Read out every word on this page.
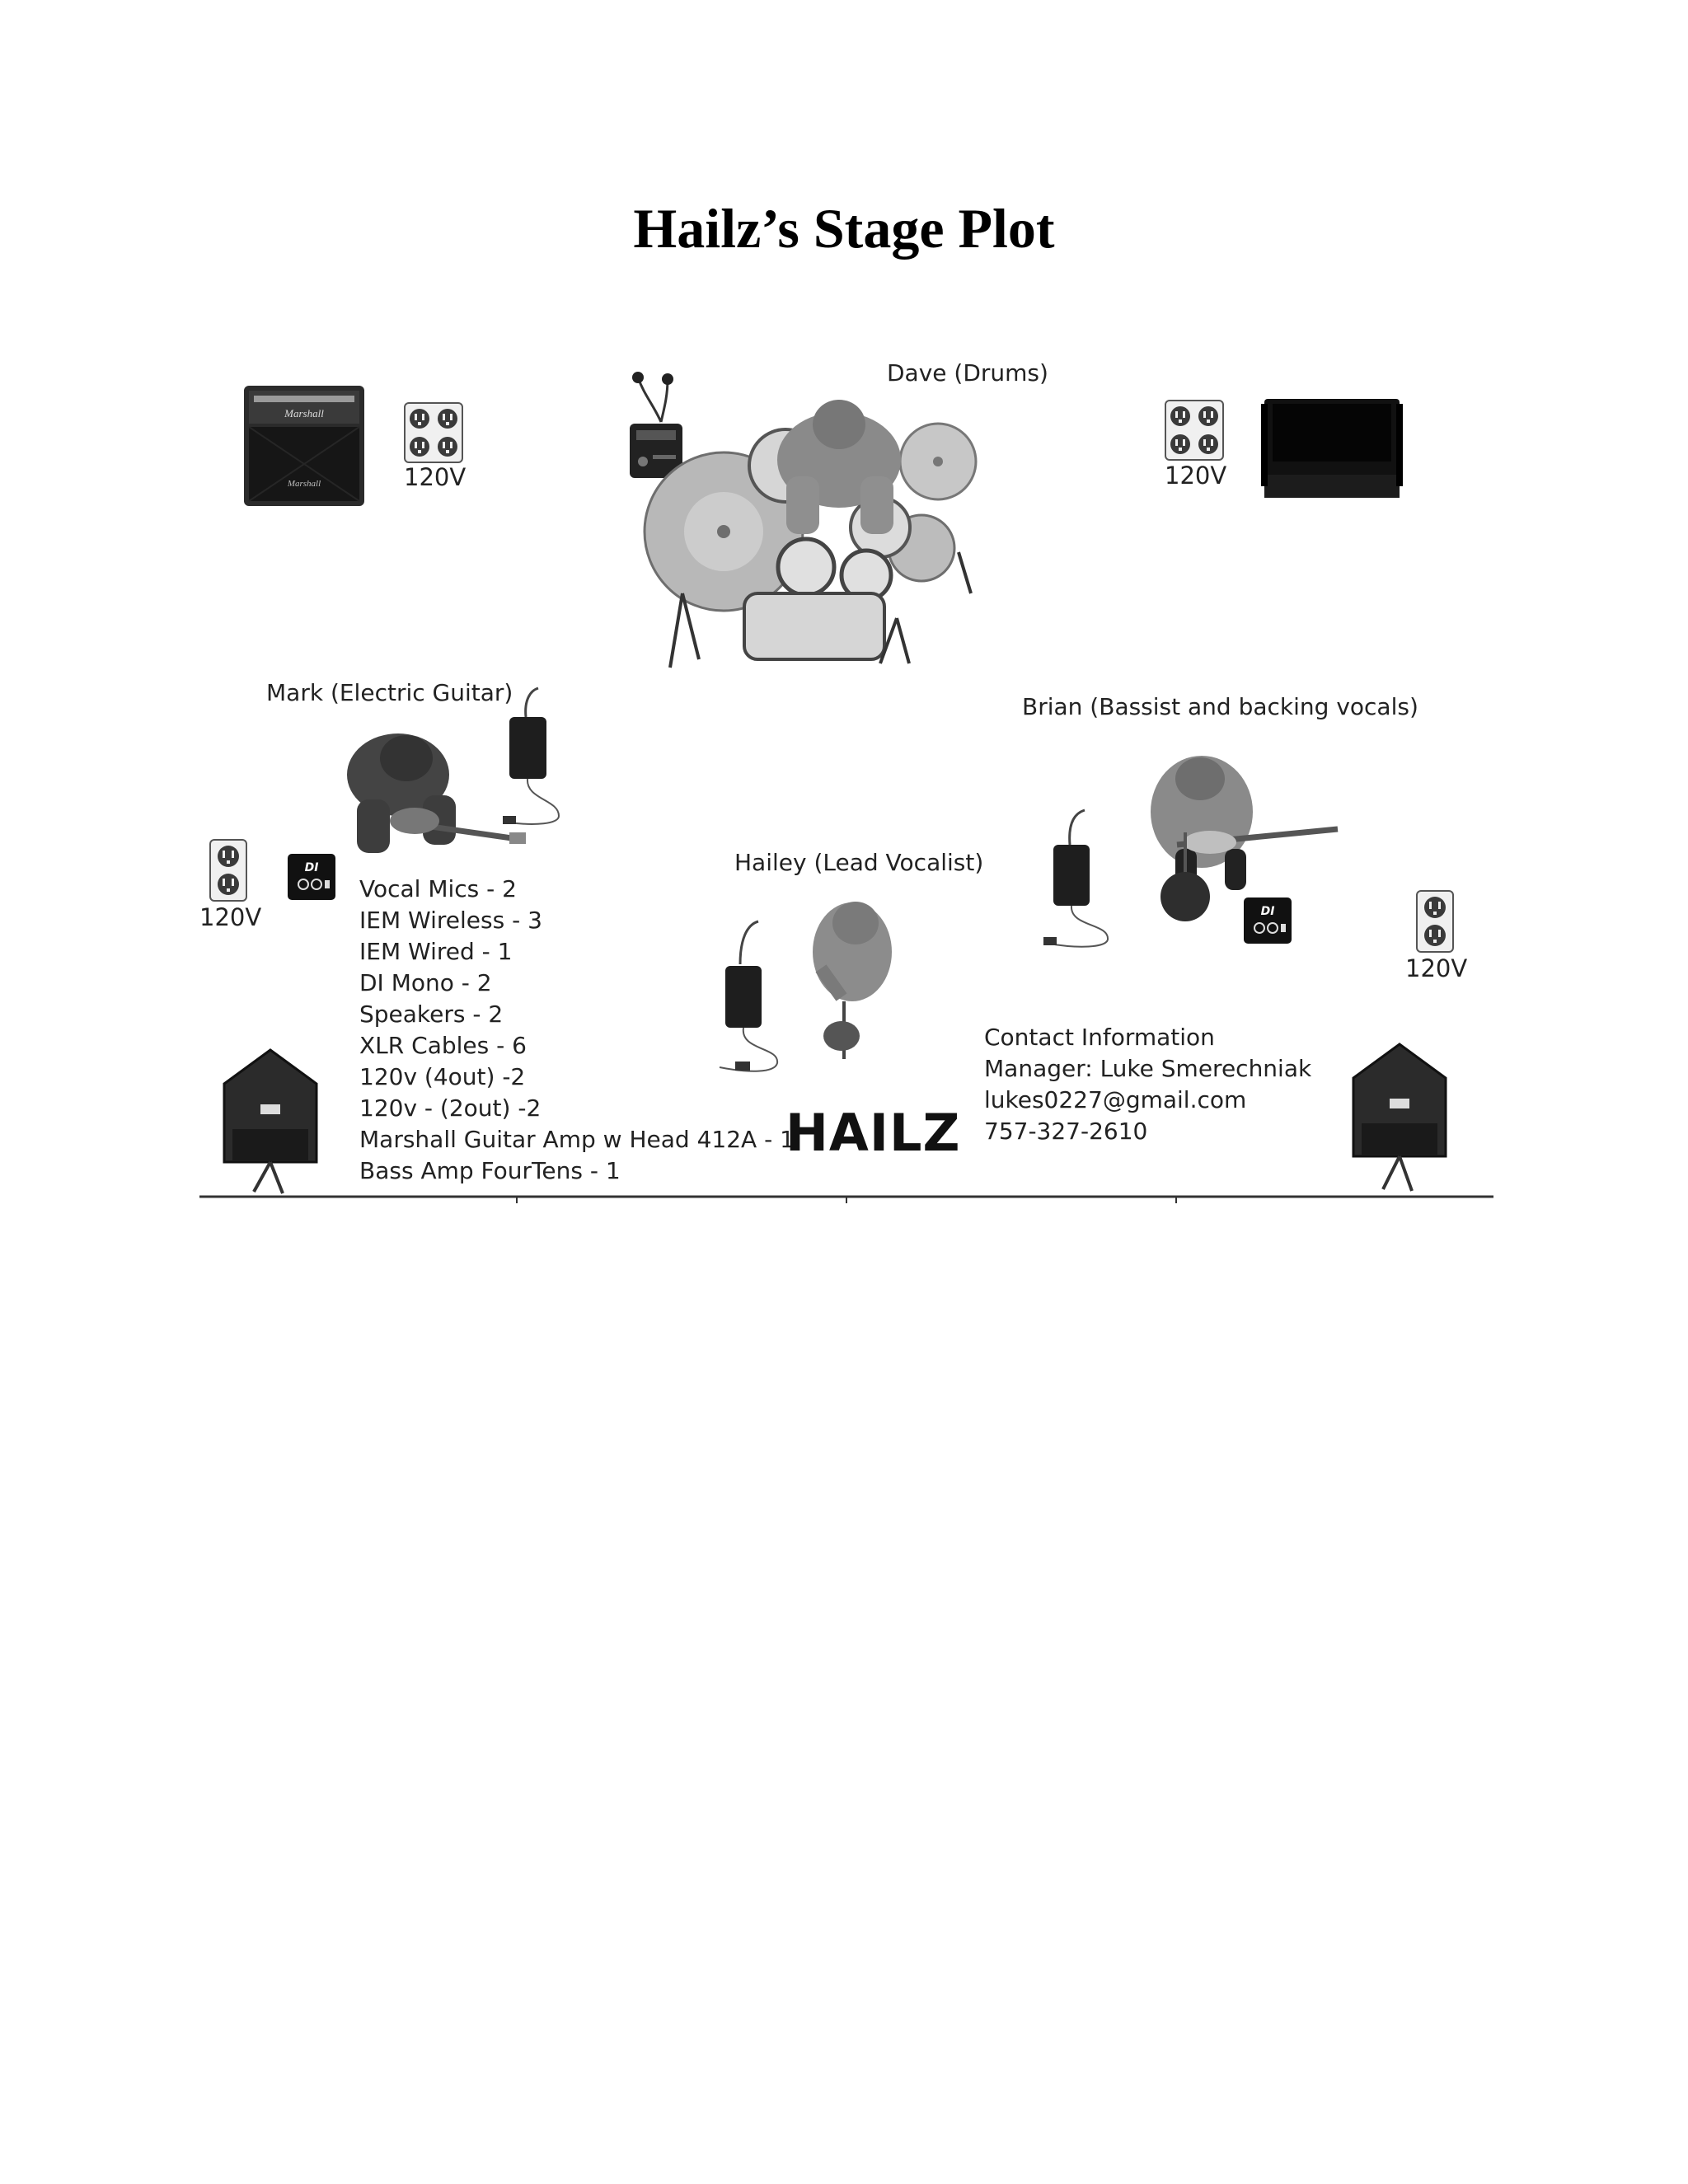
Hailz’s Stage Plot
Marshall
Marshall	120V
Dave (Drums)
120V
Mark (Electric Guitar)
120V
DI
Vocal Mics - 2
IEM Wireless - 3
IEM Wired - 1
DI Mono - 2
Speakers - 2
XLR Cables - 6
120v (4out) -2
120v - (2out) -2
Marshall Guitar Amp w Head 412A - 1
Bass Amp FourTens - 1
Hailey (Lead Vocalist)
Brian (Bassist and backing vocals)
DI
120V
Contact Information
Manager: Luke Smerechniak
lukes0227@gmail.com
757-327-2610
HAILZ
